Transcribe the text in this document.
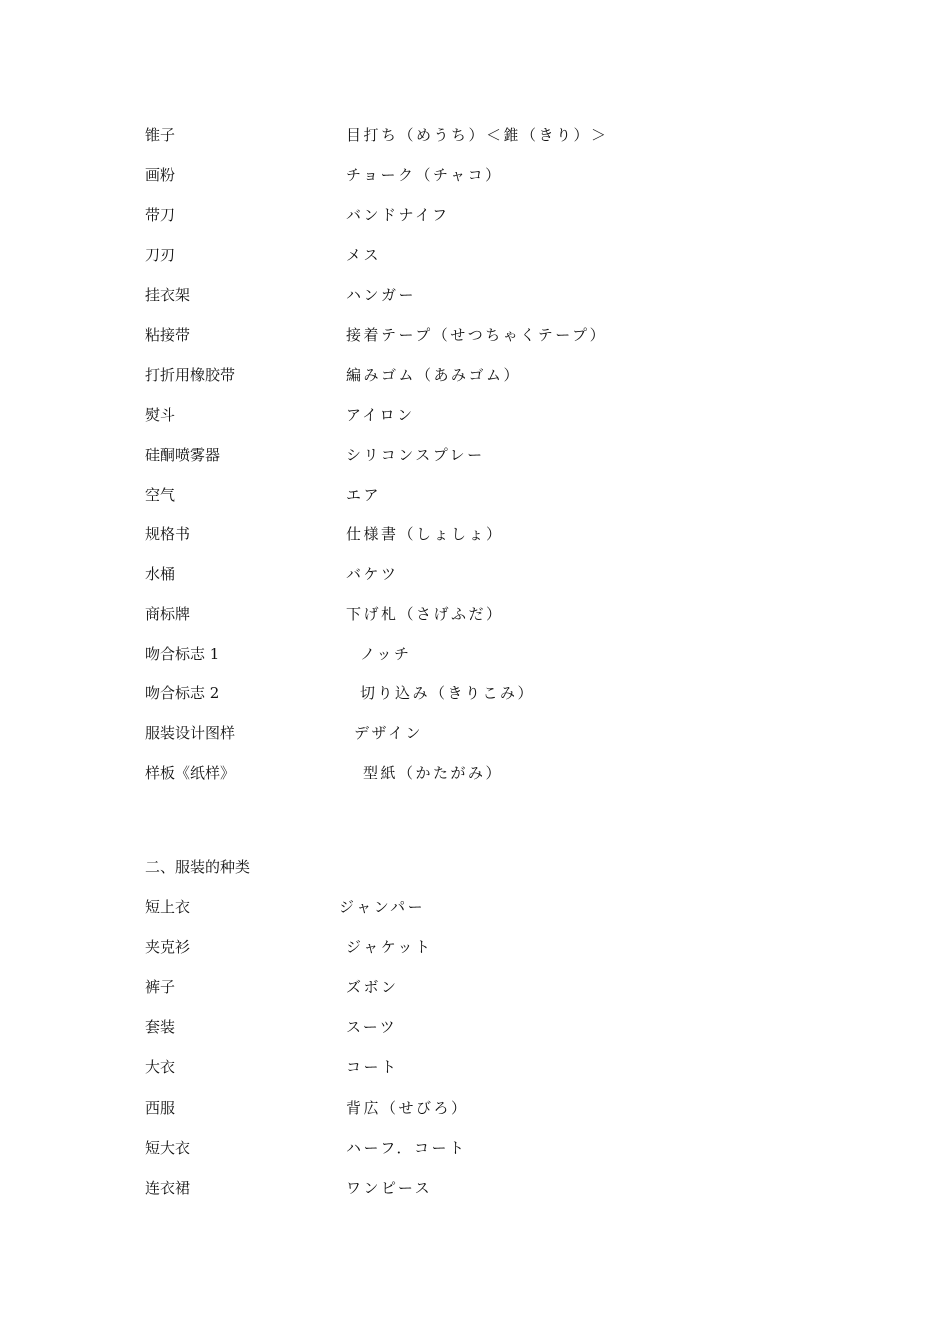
锥子	目打ち（めうち）＜錐（きり）＞
画粉	チョーク（チャコ）
带刀	バンドナイフ
刀刃	メス
挂衣架	ハンガー
粘接带	接着テープ（せつちゃくテープ）
打折用橡胶带	編みゴム（あみゴム）
熨斗	アイロン
硅酮喷雾器	シリコンスプレー
空气	エア
规格书	仕様書（しょしょ）
水桶	バケツ
商标牌	下げ札（さげふだ）
吻合标志 1	ノッチ
吻合标志 2	切り込み（きりこみ）
服装设计图样	デザイン
样板《纸样》	型紙（かたがみ）
二、服装的种类
短上衣	ジャンパー
夹克衫	ジャケット
裤子	ズボン
套装	スーツ
大衣	コート
西服	背広（せびろ）
短大衣	ハーフ．コート
连衣裙	ワンピース
